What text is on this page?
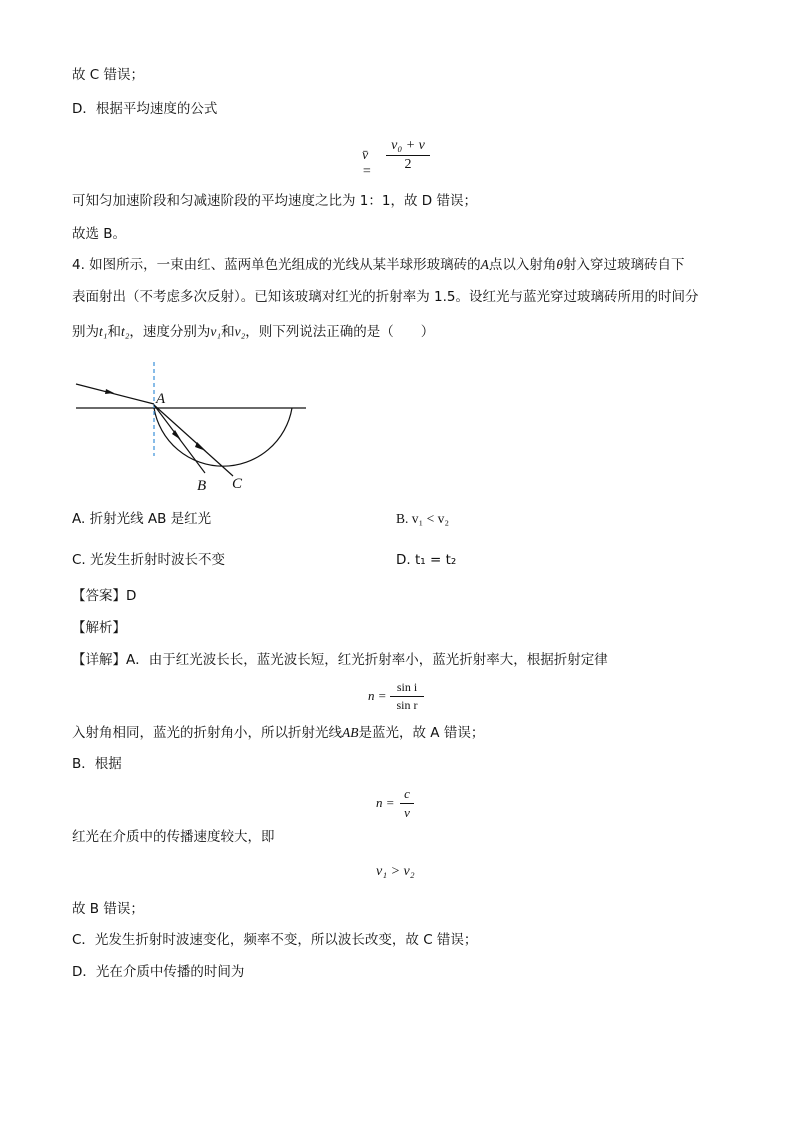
故 C 错误；
D．根据平均速度的公式
v̄ =
v₀ + v
2
可知匀加速阶段和匀减速阶段的平均速度之比为 1：1，故 D 错误；
故选 B。
4. 如图所示，一束由红、蓝两单色光组成的光线从某半球形玻璃砖的A点以入射角θ射入穿过玻璃砖自下
表面射出（不考虑多次反射）。已知该玻璃对红光的折射率为 1.5。设红光与蓝光穿过玻璃砖所用的时间分
别为t₁和t₂，速度分别为v₁和v₂，则下列说法正确的是（　　）
A
B C
A. 折射光线 AB 是红光	B. v₁ < v₂
C. 光发生折射时波长不变	D. t₁ = t₂
【答案】D
【解析】
【详解】A．由于红光波长长，蓝光波长短，红光折射率小，蓝光折射率大，根据折射定律
n =
sin i
sin r
入射角相同，蓝光的折射角小，所以折射光线AB是蓝光，故 A 错误；
B．根据
n =
c
v
红光在介质中的传播速度较大，即
v₁ > v₂
故 B 错误；
C．光发生折射时波速变化，频率不变，所以波长改变，故 C 错误；
D．光在介质中传播的时间为
